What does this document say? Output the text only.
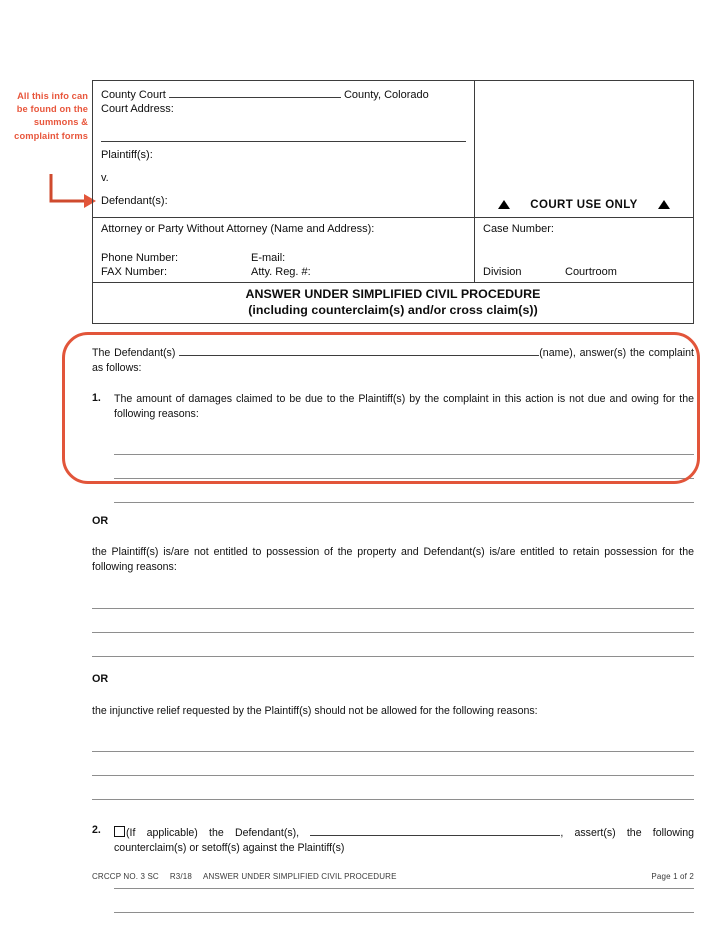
All this info can be found on the summons & complaint forms
County Court	County, Colorado
Court Address:
Plaintiff(s):
v.
Defendant(s):	COURT USE ONLY
Attorney or Party Without Attorney (Name and Address):
Phone Number:	E-mail:
FAX Number:	Atty. Reg. #:
Case Number:
Division	Courtroom
ANSWER UNDER SIMPLIFIED CIVIL PROCEDURE
(including counterclaim(s) and/or cross claim(s))
The Defendant(s)	(name), answer(s) the complaint as follows:
1.	The amount of damages claimed to be due to the Plaintiff(s) by the complaint in this action is not due and owing for the following reasons:
OR
the Plaintiff(s) is/are not entitled to possession of the property and Defendant(s) is/are entitled to retain possession for the following reasons:
OR
the injunctive relief requested by the Plaintiff(s) should not be allowed for the following reasons:
2.	(If applicable) the Defendant(s),	, assert(s) the following counterclaim(s) or setoff(s) against the Plaintiff(s)
CRCCP NO. 3 SC R3/18 ANSWER UNDER SIMPLIFIED CIVIL PROCEDURE	Page 1 of 2
